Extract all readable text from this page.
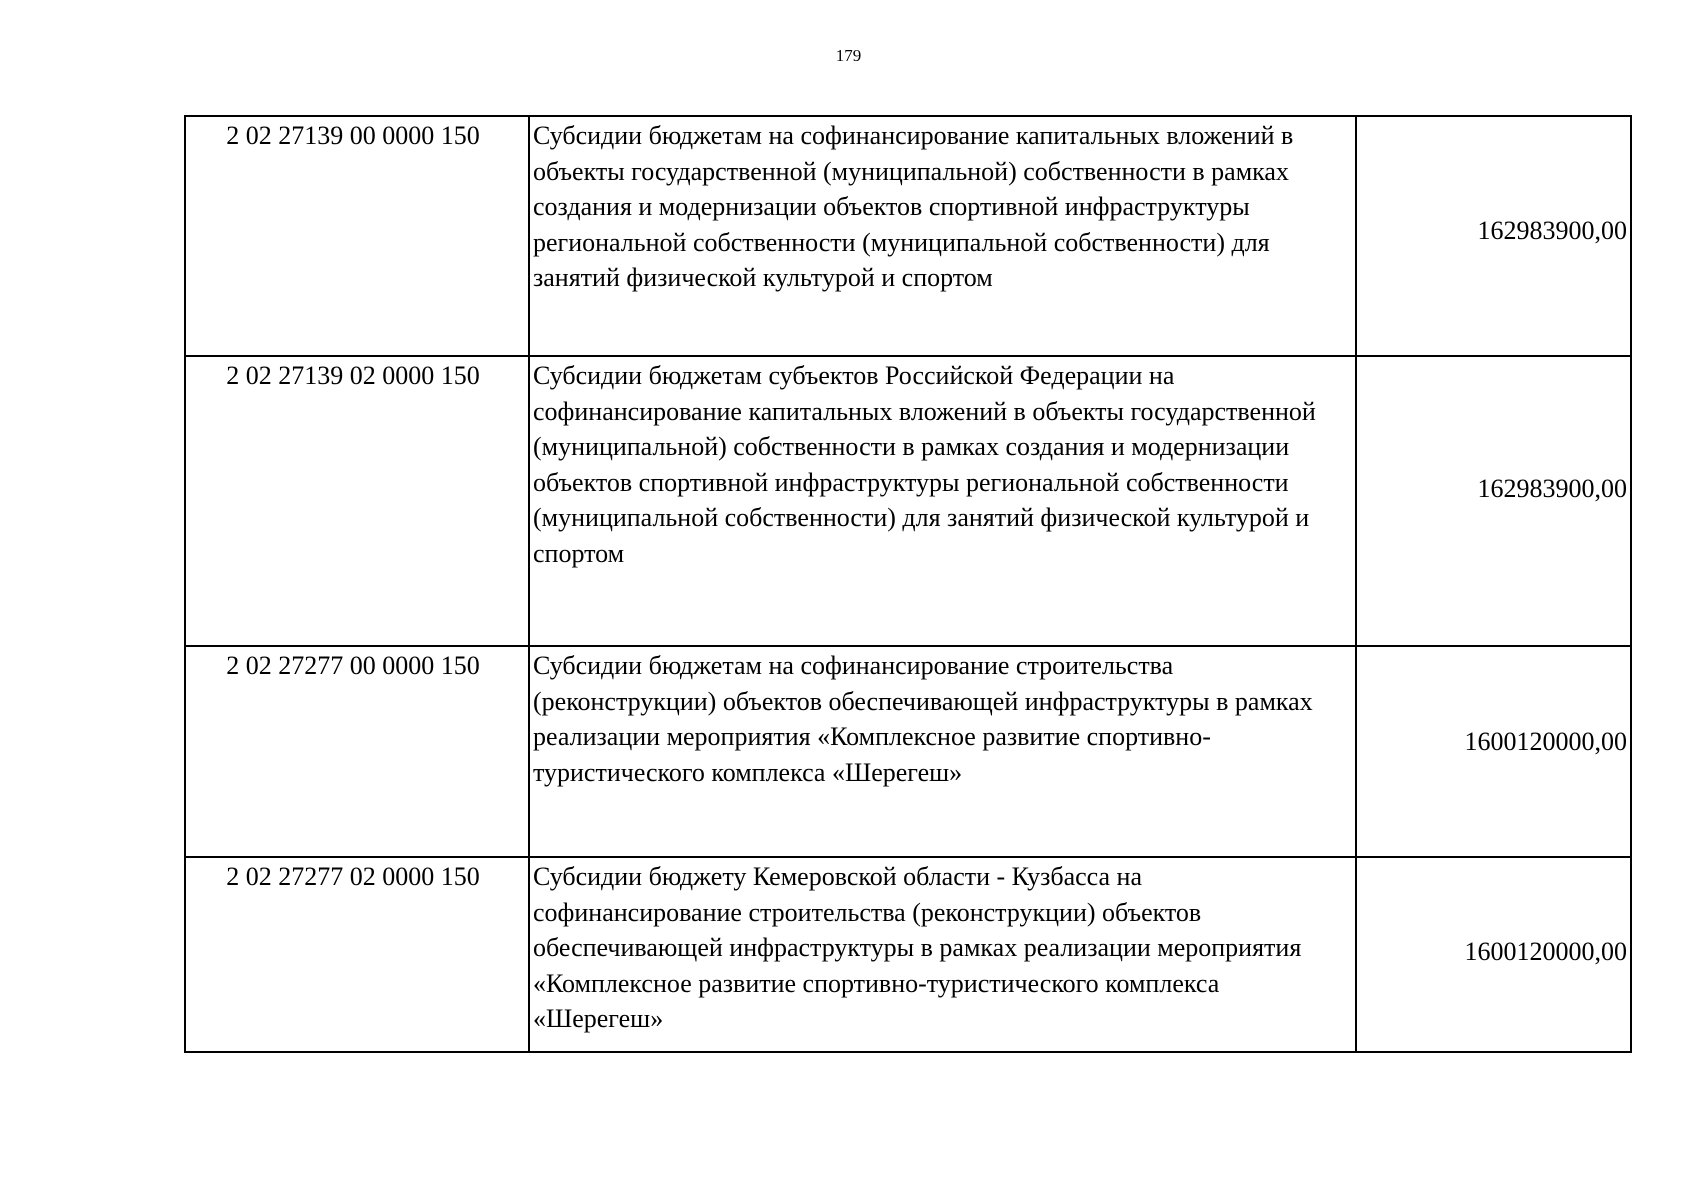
179
2 02 27139 00 0000 150	Субсидии бюджетам на софинансирование капитальных вложений в объекты государственной (муниципальной) собственности в рамках создания и модернизации объектов спортивной инфраструктуры региональной собственности (муниципальной собственности) для занятий физической культурой и спортом	162983900,00
2 02 27139 02 0000 150	Субсидии бюджетам субъектов Российской Федерации на софинансирование капитальных вложений в объекты государственной (муниципальной) собственности в рамках создания и модернизации объектов спортивной инфраструктуры региональной собственности (муниципальной собственности) для занятий физической культурой и спортом	162983900,00
2 02 27277 00 0000 150	Субсидии бюджетам на софинансирование строительства (реконструкции) объектов обеспечивающей инфраструктуры в рамках реализации мероприятия «Комплексное развитие спортивно-туристического комплекса «Шерегеш»	1600120000,00
2 02 27277 02 0000 150	Субсидии бюджету Кемеровской области - Кузбасса на софинансирование строительства (реконструкции) объектов обеспечивающей инфраструктуры в рамках реализации мероприятия «Комплексное развитие спортивно-туристического комплекса «Шерегеш»	1600120000,00
